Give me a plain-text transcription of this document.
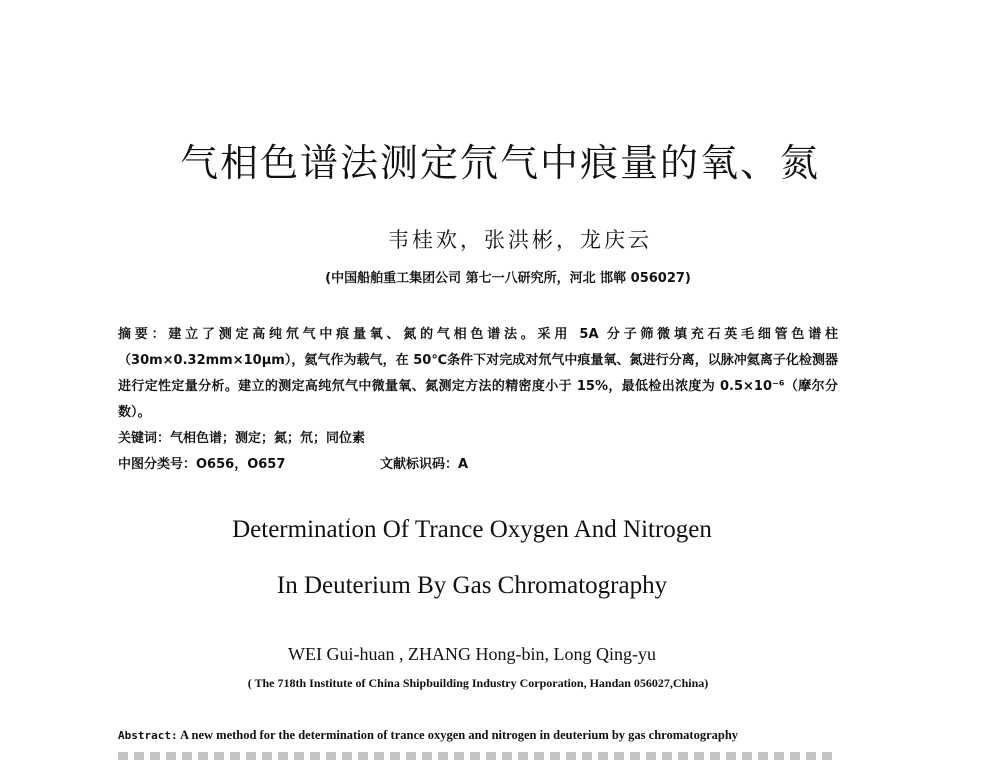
气相色谱法测定氘气中痕量的氧、氮
韦桂欢，张洪彬，龙庆云
(中国船舶重工集团公司 第七一八研究所，河北 邯郸 056027)
摘要：建立了测定高纯氘气中痕量氧、氮的气相色谱法。采用 5A 分子筛微填充石英毛细管色谱柱（30m×0.32mm×10μm），氦气作为载气，在 50℃条件下对完成对氘气中痕量氧、氮进行分离，以脉冲氦离子化检测器进行定性定量分析。建立的测定高纯氘气中微量氧、氮测定方法的精密度小于 15%，最低检出浓度为 0.5×10⁻⁶（摩尔分数）。
关键词：气相色谱；测定；氮；氘；同位素
中图分类号：O656，O657	文献标识码：A
Determination Of Trance Oxygen And Nitrogen
In Deuterium By Gas Chromatography
WEI Gui-huan , ZHANG Hong-bin, Long Qing-yu
( The 718th Institute of China Shipbuilding Industry Corporation, Handan 056027,China)
Abstract: A new method for the determination of trance oxygen and nitrogen in deuterium by gas chromatography
